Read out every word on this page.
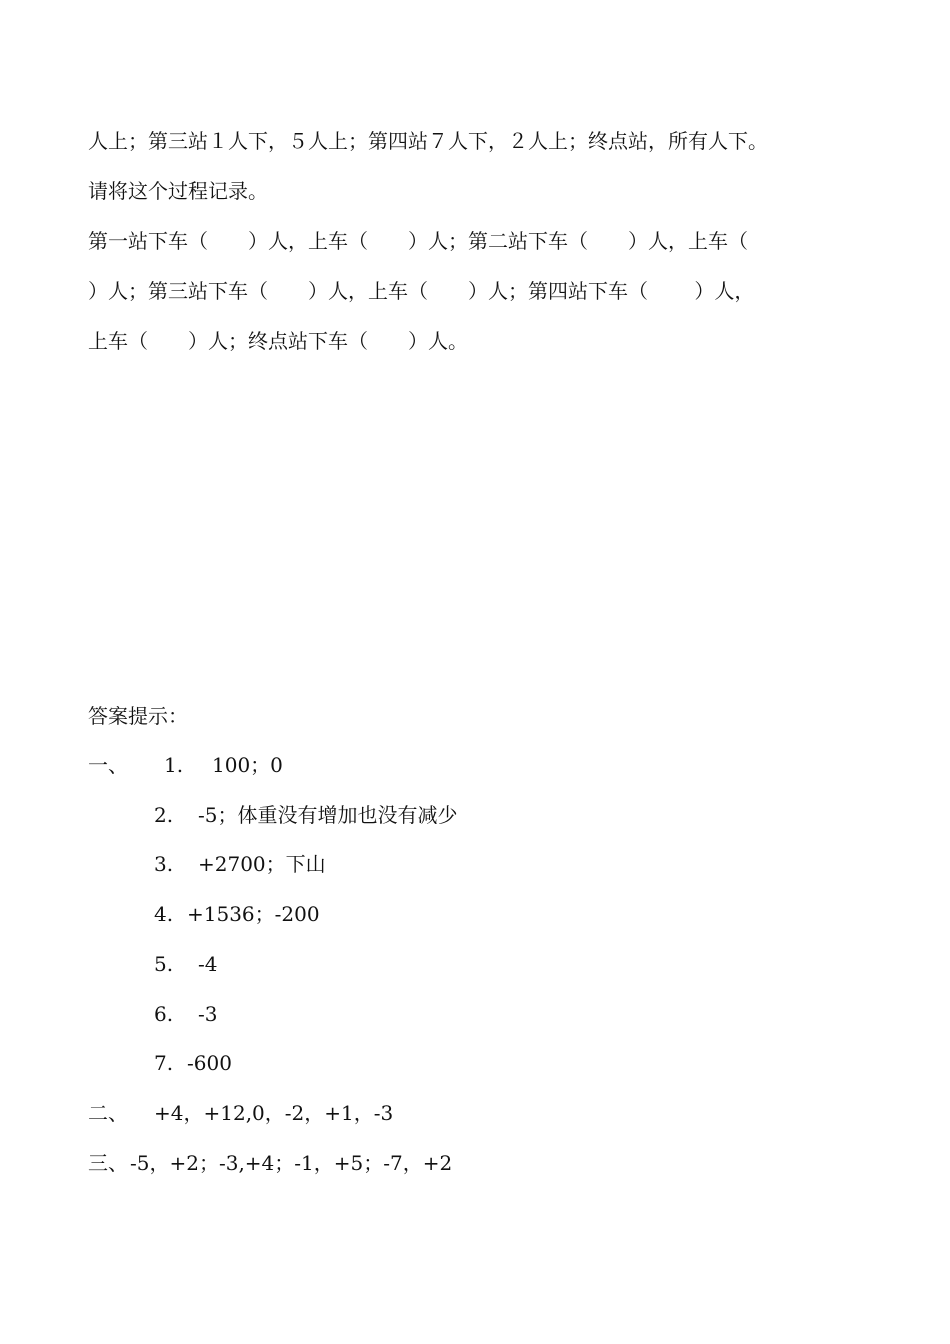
人上；第三站１人下，５人上；第四站７人下，２人上；终点站，所有人下。
请将这个过程记录。
第一站下车（　　）人，上车（　　）人；第二站下车（　　）人，上车（
）人；第三站下车（　　）人，上车（　　）人；第四站下车（　　 ）人，
上车（　　）人；终点站下车（　　）人。
答案提示：
一、 1. 100；0
2. -5；体重没有增加也没有减少
3. +2700；下山
4. +1536；-200
5. -4
6. -3
7. -600
二、 +4，+12,0，-2，+1，-3
三、 -5，+2；-3,+4；-1，+5；-7，+2
